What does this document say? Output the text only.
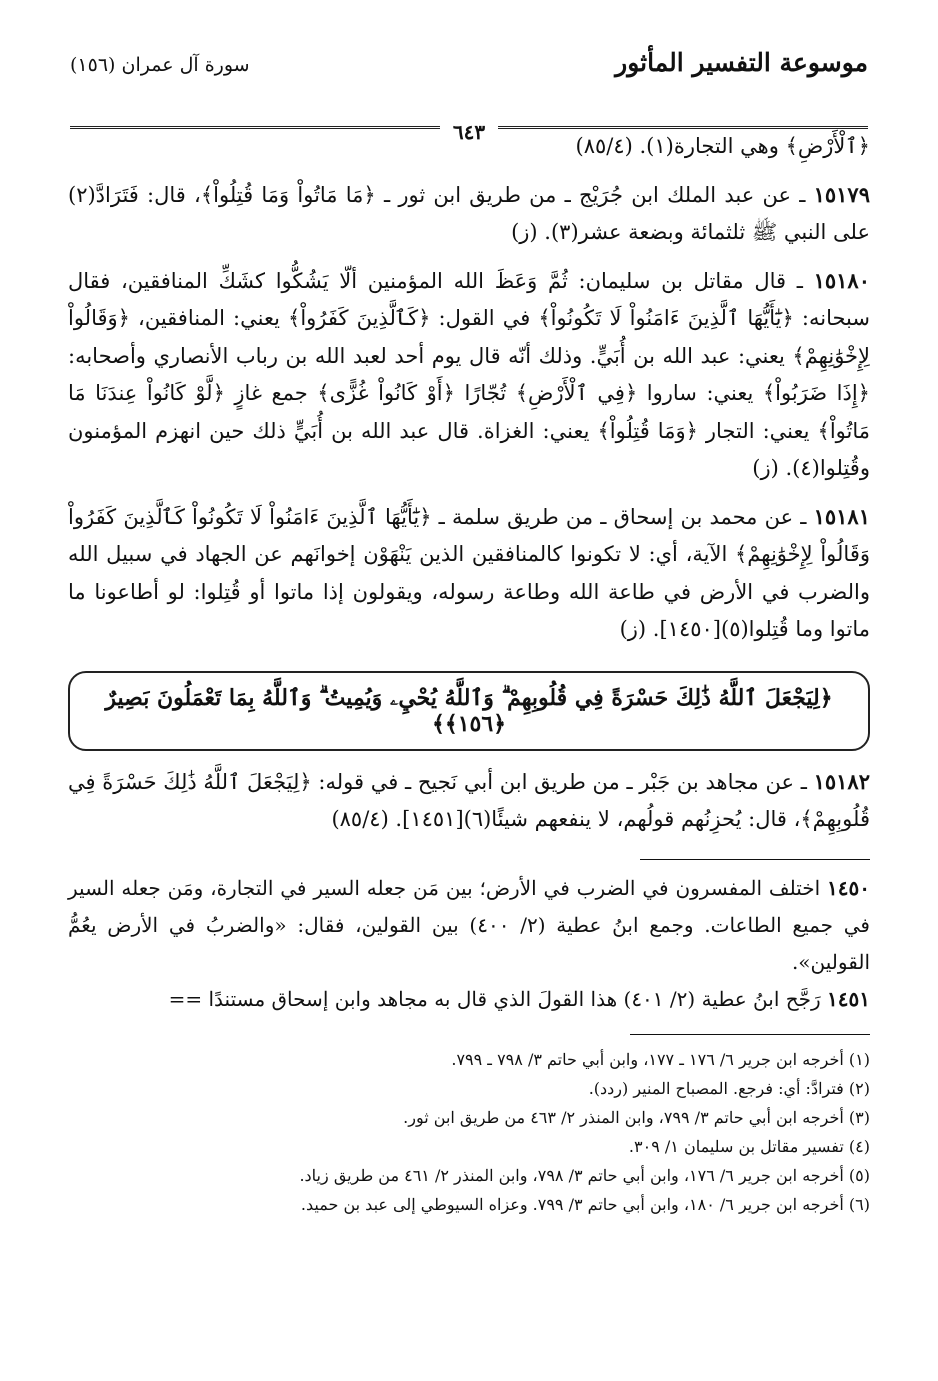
موسوعة التفسير المأثور
سورة آل عمران (١٥٦)
٦٤٣

﴿ٱلْأَرْضِ﴾ وهي التجارة(١). (٨٥/٤)

١٥١٧٩ ـ عن عبد الملك ابن جُرَيْج ـ من طريق ابن ثور ـ ﴿مَا مَاتُواْ وَمَا قُتِلُواْ﴾، قال: فَتَرَادَّ(٢) على النبي ﷺ ثلثمائة وبضعة عشر(٣). (ز)

١٥١٨٠ ـ قال مقاتل بن سليمان: ثُمَّ وَعَظَ الله المؤمنين ألّا يَشُكُّوا كشَكِّ المنافقين، فقال سبحانه: ﴿يَٰٓأَيُّهَا ٱلَّذِينَ ءَامَنُواْ لَا تَكُونُواْ﴾ في القول: ﴿كَٱلَّذِينَ كَفَرُواْ﴾ يعني: المنافقين، ﴿وَقَالُواْ لِإِخْوَٰنِهِمْ﴾ يعني: عبد الله بن أُبَيٍّ. وذلك أنّه قال يوم أحد لعبد الله بن رباب الأنصاري وأصحابه: ﴿إِذَا ضَرَبُواْ﴾ يعني: ساروا ﴿فِي ٱلْأَرْضِ﴾ تُجّارًا ﴿أَوْ كَانُواْ غُزًّى﴾ جمع غازٍ ﴿لَّوْ كَانُواْ عِندَنَا مَا مَاتُواْ﴾ يعني: التجار ﴿وَمَا قُتِلُواْ﴾ يعني: الغزاة. قال عبد الله بن أُبَيٍّ ذلك حين انهزم المؤمنون وقُتِلوا(٤). (ز)

١٥١٨١ ـ عن محمد بن إسحاق ـ من طريق سلمة ـ ﴿يَٰٓأَيُّهَا ٱلَّذِينَ ءَامَنُواْ لَا تَكُونُواْ كَٱلَّذِينَ كَفَرُواْ وَقَالُواْ لِإِخْوَٰنِهِمْ﴾ الآية، أي: لا تكونوا كالمنافقين الذين يَنْهَوْن إخوانَهم عن الجهاد في سبيل الله والضرب في الأرض في طاعة الله وطاعة رسوله، ويقولون إذا ماتوا أو قُتِلوا: لو أطاعونا ما ماتوا وما قُتِلوا(٥)[١٤٥٠]. (ز)

﴿لِيَجْعَلَ ٱللَّهُ ذَٰلِكَ حَسْرَةً فِي قُلُوبِهِمْ ۗ وَٱللَّهُ يُحْيِۦ وَيُمِيتُ ۗ وَٱللَّهُ بِمَا تَعْمَلُونَ بَصِيرٌ ﴿١٥٦﴾﴾

١٥١٨٢ ـ عن مجاهد بن جَبْر ـ من طريق ابن أبي نَجيح ـ في قوله: ﴿لِيَجْعَلَ ٱللَّهُ ذَٰلِكَ حَسْرَةً فِي قُلُوبِهِمْ﴾، قال: يُحزِنُهم قولُهم، لا ينفعهم شيئًا(٦)[١٤٥١]. (٨٥/٤)

١٤٥٠ اختلف المفسرون في الضرب في الأرض؛ بين مَن جعله السير في التجارة، ومَن جعله السير في جميع الطاعات. وجمع ابنُ عطية (٢/ ٤٠٠) بين القولين، فقال: «والضربُ في الأرض يعُمُّ القولين».
١٤٥١ رَجَّح ابنُ عطية (٢/ ٤٠١) هذا القولَ الذي قال به مجاهد وابن إسحاق مستندًا ==
(١) أخرجه ابن جرير ٦/ ١٧٦ ـ ١٧٧، وابن أبي حاتم ٣/ ٧٩٨ ـ ٧٩٩.
(٢) فترادَّ: أي: فرجع. المصباح المنير (ردد).
(٣) أخرجه ابن أبي حاتم ٣/ ٧٩٩، وابن المنذر ٢/ ٤٦٣ من طريق ابن ثور.
(٤) تفسير مقاتل بن سليمان ١/ ٣٠٩.
(٥) أخرجه ابن جرير ٦/ ١٧٦، وابن أبي حاتم ٣/ ٧٩٨، وابن المنذر ٢/ ٤٦١ من طريق زياد.
(٦) أخرجه ابن جرير ٦/ ١٨٠، وابن أبي حاتم ٣/ ٧٩٩. وعزاه السيوطي إلى عبد بن حميد.
